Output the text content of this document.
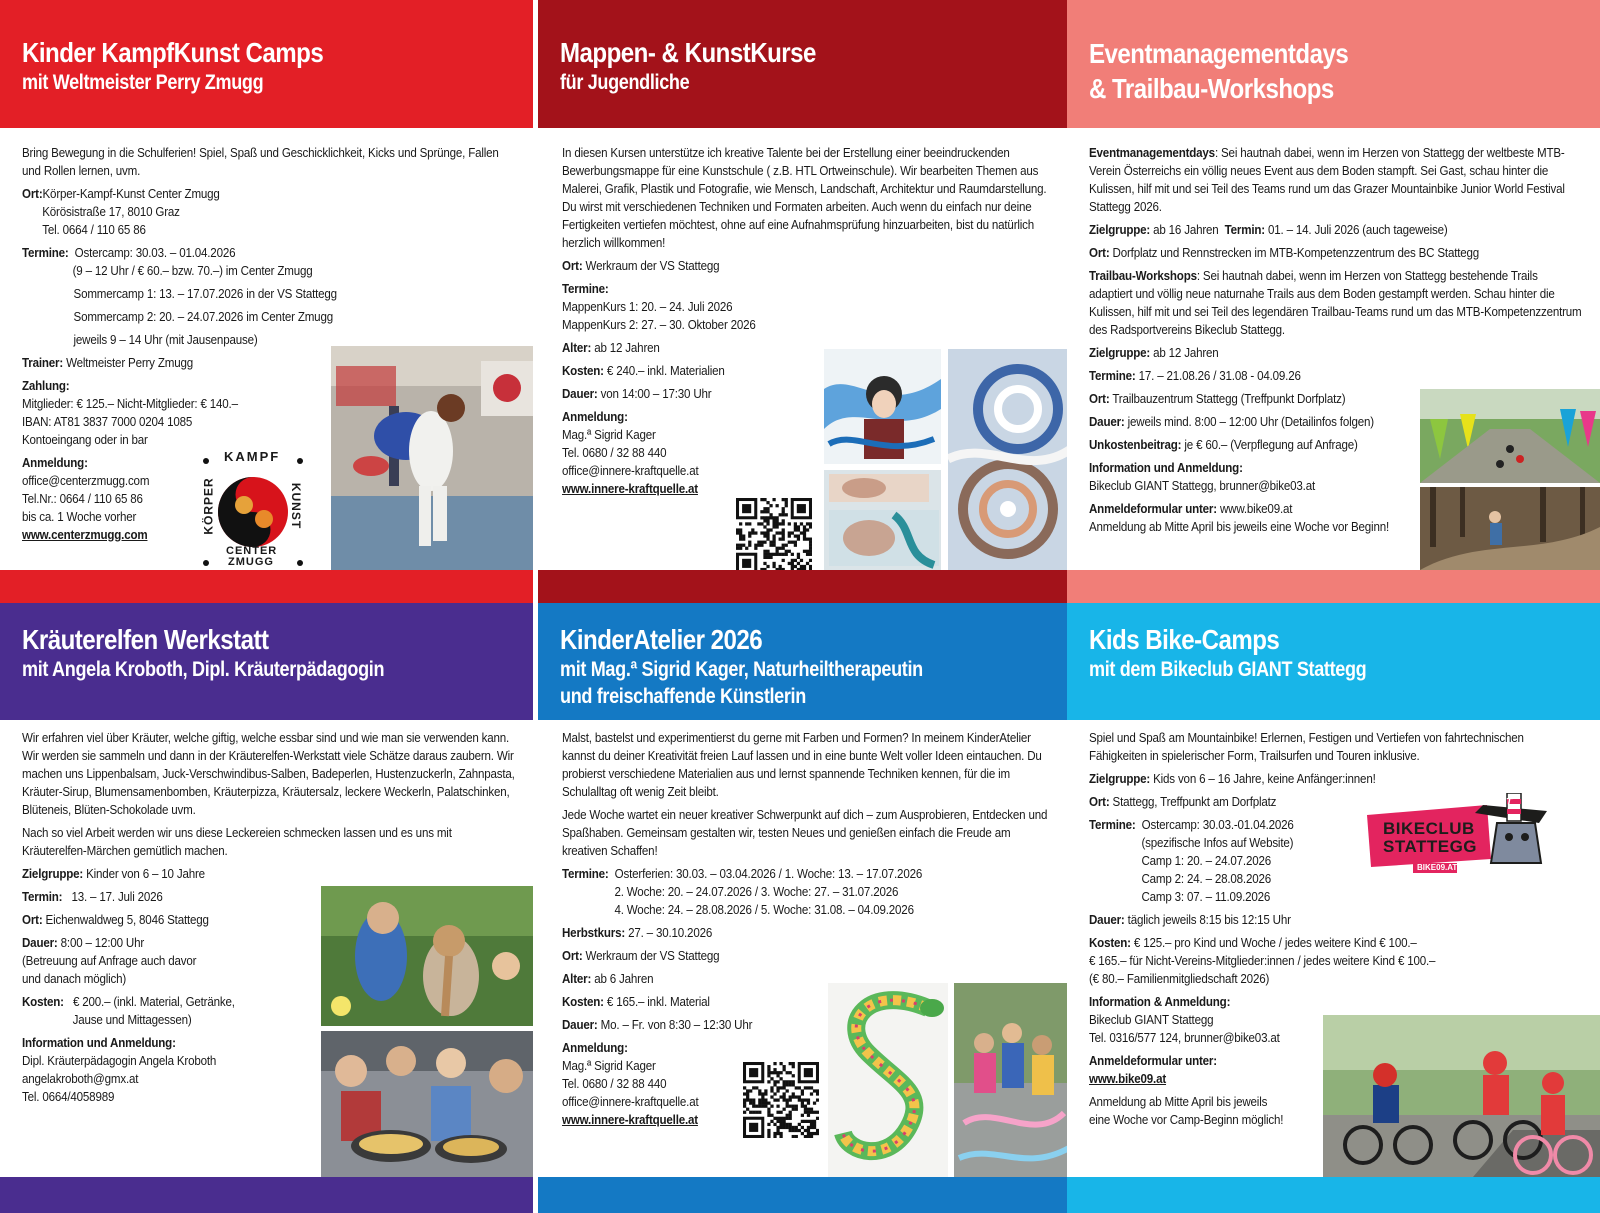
Kinder KampfKunst Camps
mit Weltmeister Perry Zmugg

Bring Bewegung in die Schulferien! Spiel, Spaß und Geschicklichkeit, Kicks und Sprünge, Fallen und Rollen lernen, uvm.

Ort:Körper-Kampf-Kunst Center Zmugg

Körösistraße 17, 8010 Graz
Tel. 0664 / 110 65 86

Termine: Ostercamp: 30.03. – 01.04.2026
(9 – 12 Uhr / € 60.– bzw. 70.–) im Center Zmugg

Sommercamp 1: 13. – 17.07.2026 in der VS Stattegg

Sommercamp 2: 20. – 24.07.2026 im Center Zmugg

jeweils 9 – 14 Uhr (mit Jausenpause)

Trainer: Weltmeister Perry Zmugg

Zahlung:
Mitglieder: € 125.– Nicht-Mitglieder: € 140.–
IBAN: AT81 3837 7000 0204 1085
Kontoeingang oder in bar

Anmeldung:
office@centerzmugg.com
Tel.Nr.: 0664 / 110 65 86
bis ca. 1 Woche vorher
www.centerzmugg.com

KAMPF
KUNST
KÖRPER
CENTER
ZMUGG
Mappen- & KunstKurse
für Jugendliche

In diesen Kursen unterstütze ich kreative Talente bei der Erstellung einer beeindruckenden Bewerbungsmappe für eine Kunstschule ( z.B. HTL Ortweinschule). Wir bearbeiten Themen aus Malerei, Grafik, Plastik und Fotografie, wie Mensch, Landschaft, Architektur und Raumdarstellung. Du wirst mit verschiedenen Techniken und Formaten arbeiten. Auch wenn du einfach nur deine Fertigkeiten vertiefen möchtest, ohne auf eine Aufnahmsprüfung hinzuarbeiten, bist du natürlich herzlich willkommen!

Ort: Werkraum der VS Stattegg

Termine:
MappenKurs 1: 20. – 24. Juli 2026
MappenKurs 2: 27. – 30. Oktober 2026

Alter: ab 12 Jahren

Kosten: € 240.– inkl. Materialien

Dauer: von 14:00 – 17:30 Uhr

Anmeldung:
Mag.ª Sigrid Kager
Tel. 0680 / 32 88 440
office@innere-kraftquelle.at
www.innere-kraftquelle.at

Eventmanagementdays
& Trailbau-Workshops

Eventmanagementdays: Sei hautnah dabei, wenn im Herzen von Stattegg der weltbeste MTB-Verein Österreichs ein völlig neues Event aus dem Boden stampft. Sei Gast, schau hinter die Kulissen, hilf mit und sei Teil des Teams rund um das Grazer Mountainbike Junior World Festival Stattegg 2026.

Zielgruppe: ab 16 Jahren Termin: 01. – 14. Juli 2026 (auch tageweise)

Ort: Dorfplatz und Rennstrecken im MTB-Kompetenzzentrum des BC Stattegg

Trailbau-Workshops: Sei hautnah dabei, wenn im Herzen von Stattegg bestehende Trails adaptiert und völlig neue naturnahe Trails aus dem Boden gestampft werden. Schau hinter die Kulissen, hilf mit und sei Teil des legendären Trailbau-Teams rund um das MTB-Kompetenzzentrum des Radsportvereins Bikeclub Stattegg.

Zielgruppe: ab 12 Jahren

Termine: 17. – 21.08.26 / 31.08 - 04.09.26

Ort: Trailbauzentrum Stattegg (Treffpunkt Dorfplatz)

Dauer: jeweils mind. 8:00 – 12:00 Uhr (Detailinfos folgen)

Unkostenbeitrag: je € 60.– (Verpflegung auf Anfrage)

Information und Anmeldung:
Bikeclub GIANT Stattegg, brunner@bike03.at

Anmeldeformular unter: www.bike09.at
Anmeldung ab Mitte April bis jeweils eine Woche vor Beginn!

Kräuterelfen Werkstatt
mit Angela Kroboth, Dipl. Kräuterpädagogin

Wir erfahren viel über Kräuter, welche giftig, welche essbar sind und wie man sie verwenden kann. Wir werden sie sammeln und dann in der Kräuterelfen-Werkstatt viele Schätze daraus zaubern. Wir machen uns Lippenbalsam, Juck-Verschwindibus-Salben, Badeperlen, Hustenzuckerln, Zahnpasta, Kräuter-Sirup, Blumensamenbomben, Kräuterpizza, Kräutersalz, leckere Weckerln, Palatschinken, Blüteneis, Blüten-Schokolade uvm.

Nach so viel Arbeit werden wir uns diese Leckereien schmecken lassen und es uns mit Kräuterelfen-Märchen gemütlich machen.

Zielgruppe: Kinder von 6 – 10 Jahre

Termin: 13. – 17. Juli 2026

Ort: Eichenwaldweg 5, 8046 Stattegg

Dauer: 8:00 – 12:00 Uhr
(Betreuung auf Anfrage auch davor
und danach möglich)

Kosten: € 200.– (inkl. Material, Getränke,
Jause und Mittagessen)

Information und Anmeldung:
Dipl. Kräuterpädagogin Angela Kroboth
angelakroboth@gmx.at
Tel. 0664/4058989

KinderAtelier 2026
mit Mag.ª Sigrid Kager, Naturheiltherapeutin
und freischaffende Künstlerin

Malst, bastelst und experimentierst du gerne mit Farben und Formen? In meinem KinderAtelier kannst du deiner Kreativität freien Lauf lassen und in eine bunte Welt voller Ideen eintauchen. Du probierst verschiedene Materialien aus und lernst spannende Techniken kennen, für die im Schulalltag oft wenig Zeit bleibt.

Jede Woche wartet ein neuer kreativer Schwerpunkt auf dich – zum Ausprobieren, Entdecken und Spaßhaben. Gemeinsam gestalten wir, testen Neues und genießen einfach die Freude am kreativen Schaffen!

Termine: Osterferien: 30.03. – 03.04.2026 / 1. Woche: 13. – 17.07.2026
2. Woche: 20. – 24.07.2026 / 3. Woche: 27. – 31.07.2026
4. Woche: 24. – 28.08.2026 / 5. Woche: 31.08. – 04.09.2026

Herbstkurs: 27. – 30.10.2026

Ort: Werkraum der VS Stattegg

Alter: ab 6 Jahren

Kosten: € 165.– inkl. Material

Dauer: Mo. – Fr. von 8:30 – 12:30 Uhr

Anmeldung:
Mag.ª Sigrid Kager
Tel. 0680 / 32 88 440
office@innere-kraftquelle.at
www.innere-kraftquelle.at

Kids Bike-Camps
mit dem Bikeclub GIANT Stattegg

Spiel und Spaß am Mountainbike! Erlernen, Festigen und Vertiefen von fahrtechnischen Fähigkeiten in spielerischer Form, Trailsurfen und Touren inklusive.

Zielgruppe: Kids von 6 – 16 Jahre, keine Anfänger:innen!

Ort: Stattegg, Treffpunkt am Dorfplatz

Termine: Ostercamp: 30.03.-01.04.2026
(spezifische Infos auf Website)
Camp 1: 20. – 24.07.2026
Camp 2: 24. – 28.08.2026
Camp 3: 07. – 11.09.2026

Dauer: täglich jeweils 8:15 bis 12:15 Uhr

Kosten: € 125.– pro Kind und Woche / jedes weitere Kind € 100.–
€ 165.– für Nicht-Vereins-Mitglieder:innen / jedes weitere Kind € 100.–
(€ 80.– Familienmitgliedschaft 2026)

Information & Anmeldung:
Bikeclub GIANT Stattegg
Tel. 0316/577 124, brunner@bike03.at

Anmeldeformular unter:
www.bike09.at

Anmeldung ab Mitte April bis jeweils
eine Woche vor Camp-Beginn möglich!

GIANT
BIKECLUB
STATTEGG
BIKE09.AT
